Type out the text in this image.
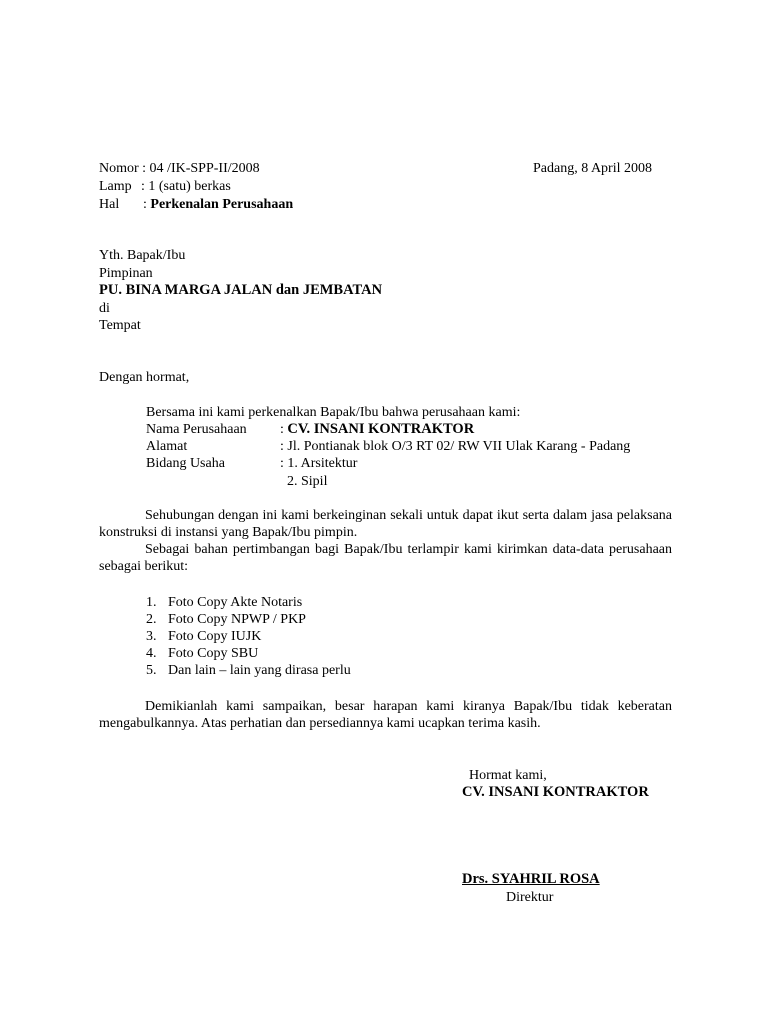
Nomor : 04 /IK-SPP-II/2008	Padang, 8 April 2008
Lamp : 1 (satu) berkas
Hal : Perkenalan Perusahaan
Yth. Bapak/Ibu
Pimpinan
PU. BINA MARGA JALAN dan JEMBATAN
di
Tempat
Dengan hormat,
Bersama ini kami perkenalkan Bapak/Ibu bahwa perusahaan kami:
Nama Perusahaan : CV. INSANI KONTRAKTOR
Alamat	: Jl. Pontianak blok O/3 RT 02/ RW VII Ulak Karang - Padang
Bidang Usaha	: 1. Arsitektur
2. Sipil

Sehubungan dengan ini kami berkeinginan sekali untuk dapat ikut serta dalam jasa pelaksana konstruksi di instansi yang Bapak/Ibu pimpin.

Sebagai bahan pertimbangan bagi Bapak/Ibu terlampir kami kirimkan data-data perusahaan sebagai berikut:

1. Foto Copy Akte Notaris
2. Foto Copy NPWP / PKP
3. Foto Copy IUJK
4. Foto Copy SBU
5. Dan lain – lain yang dirasa perlu

Demikianlah kami sampaikan, besar harapan kami kiranya Bapak/Ibu tidak keberatan mengabulkannya. Atas perhatian dan persediannya kami ucapkan terima kasih.

Hormat kami,
CV. INSANI KONTRAKTOR
Drs. SYAHRIL ROSA
Direktur
